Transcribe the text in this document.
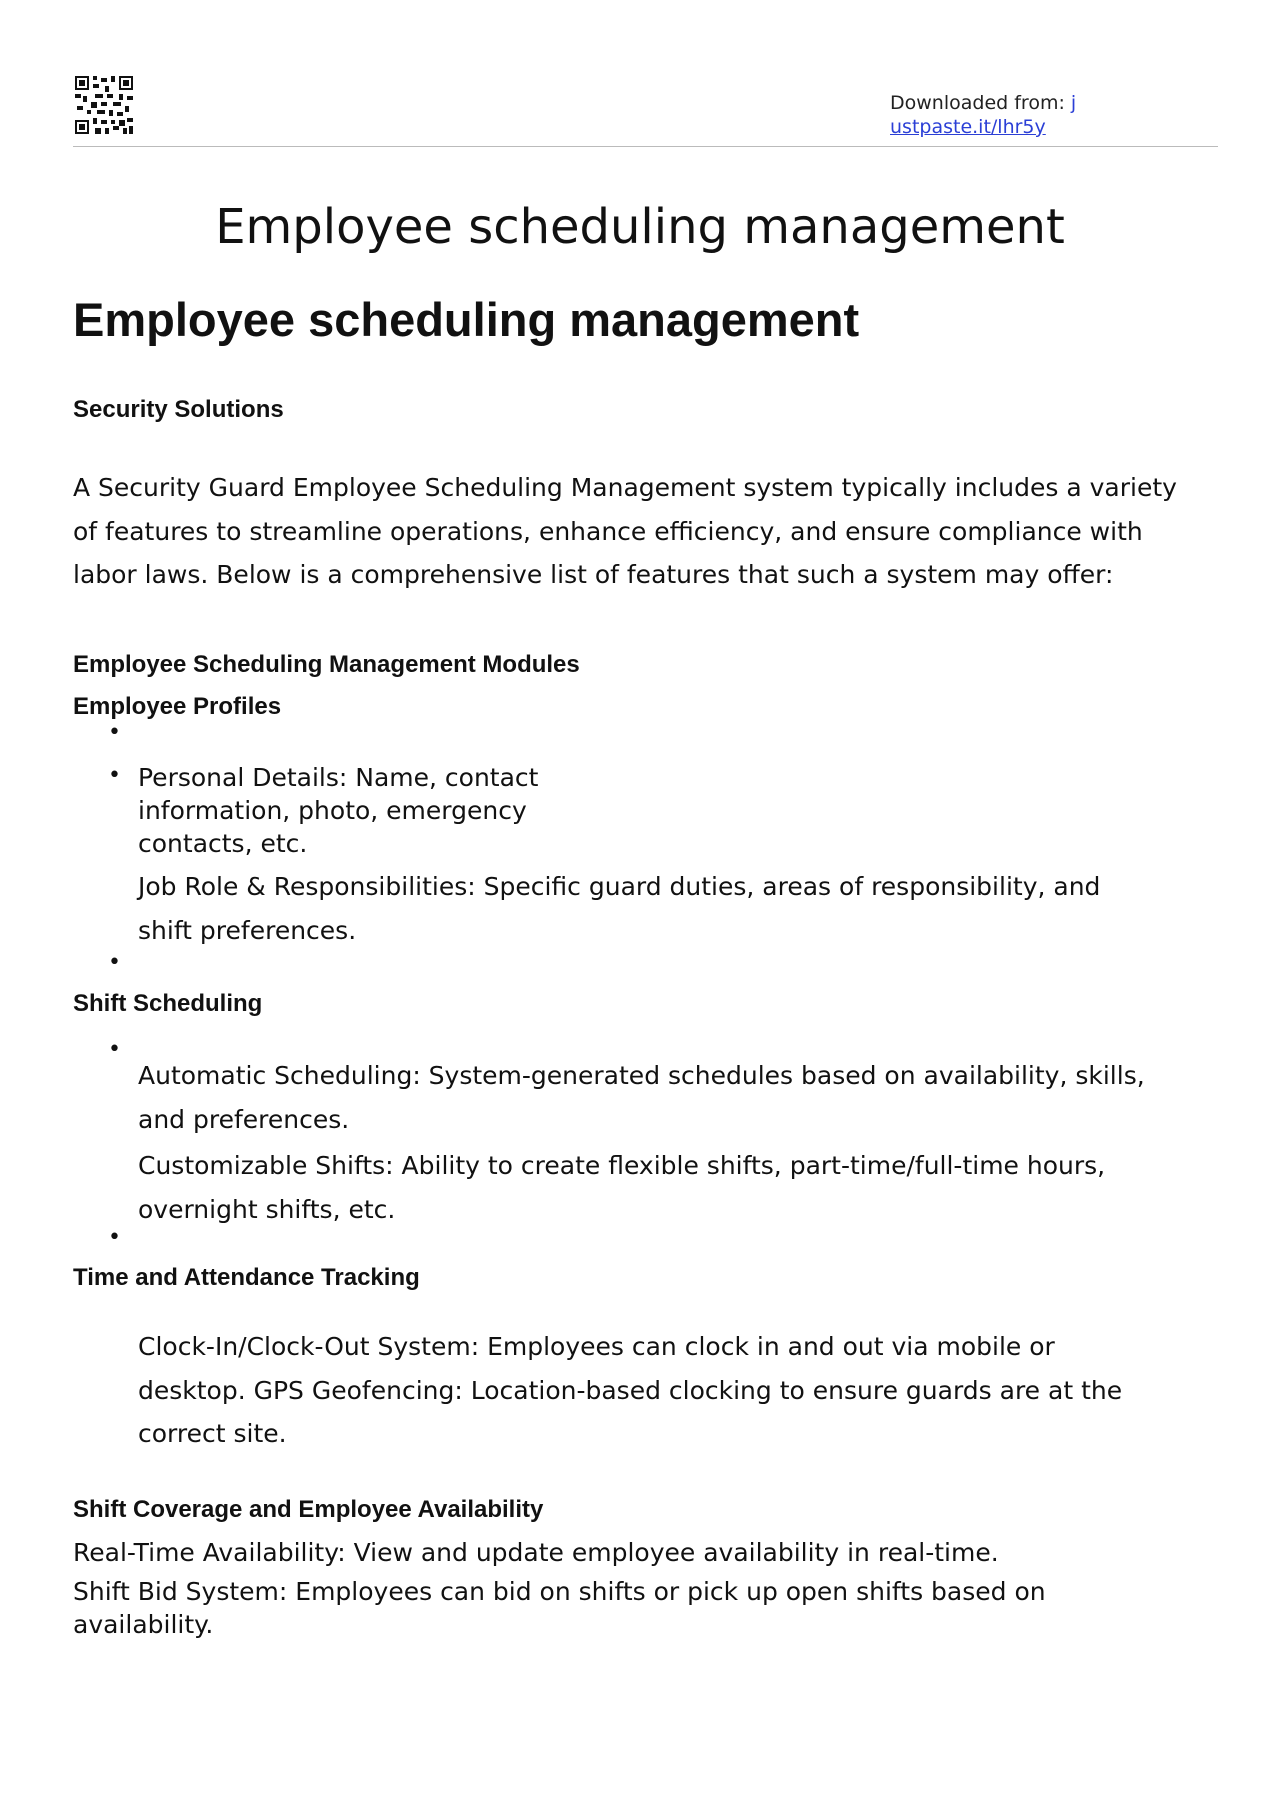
Downloaded from: j
ustpaste.it/lhr5y
Employee scheduling management
Employee scheduling management
Security Solutions
A Security Guard Employee Scheduling Management system typically includes a variety of features to streamline operations, enhance efficiency, and ensure compliance with labor laws. Below is a comprehensive list of features that such a system may offer:
Employee Scheduling Management Modules
Employee Profiles
•
• Personal Details: Name, contact
information, photo, emergency
contacts, etc.
Job Role & Responsibilities: Specific guard duties, areas of responsibility, and shift preferences.
•
Shift Scheduling
•
Automatic Scheduling: System-generated schedules based on availability, skills, and preferences.
Customizable Shifts: Ability to create flexible shifts, part-time/full-time hours, overnight shifts, etc.
•
Time and Attendance Tracking
Clock-In/Clock-Out System: Employees can clock in and out via mobile or desktop. GPS Geofencing: Location-based clocking to ensure guards are at the correct site.
Shift Coverage and Employee Availability
Real-Time Availability: View and update employee availability in real-time.
Shift Bid System: Employees can bid on shifts or pick up open shifts based on availability.
